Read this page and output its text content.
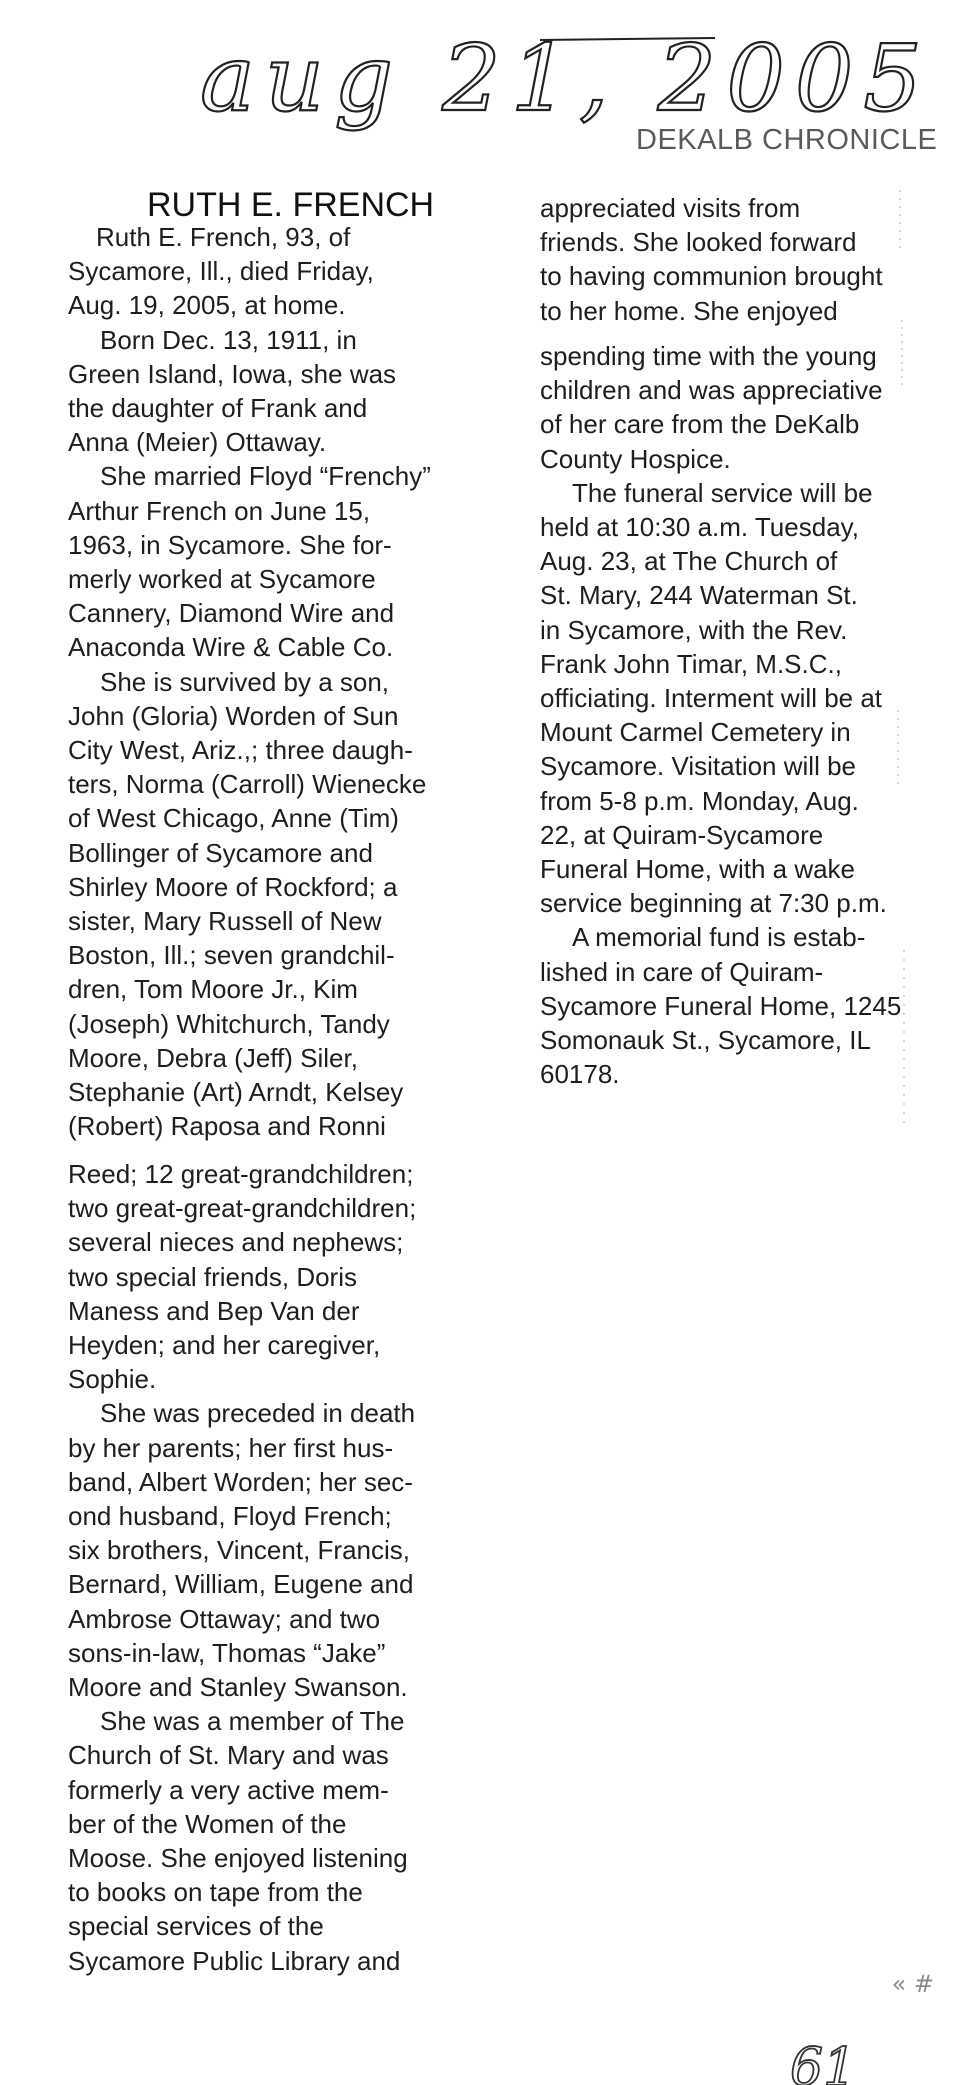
aug 21, 2005

DEKALB CHRONICLE

RUTH E. FRENCH
Ruth E. French, 93, of
Sycamore, Ill., died Friday,
Aug. 19, 2005, at home.
Born Dec. 13, 1911, in
Green Island, Iowa, she was
the daughter of Frank and
Anna (Meier) Ottaway.
She married Floyd “Frenchy”
Arthur French on June 15,
1963, in Sycamore. She for-
merly worked at Sycamore
Cannery, Diamond Wire and
Anaconda Wire & Cable Co.
She is survived by a son,
John (Gloria) Worden of Sun
City West, Ariz.,; three daugh-
ters, Norma (Carroll) Wienecke
of West Chicago, Anne (Tim)
Bollinger of Sycamore and
Shirley Moore of Rockford; a
sister, Mary Russell of New
Boston, Ill.; seven grandchil-
dren, Tom Moore Jr., Kim
(Joseph) Whitchurch, Tandy
Moore, Debra (Jeff) Siler,
Stephanie (Art) Arndt, Kelsey
(Robert) Raposa and Ronni
Reed; 12 great-grandchildren;
two great-great-grandchildren;
several nieces and nephews;
two special friends, Doris
Maness and Bep Van der
Heyden; and her caregiver,
Sophie.
She was preceded in death
by her parents; her first hus-
band, Albert Worden; her sec-
ond husband, Floyd French;
six brothers, Vincent, Francis,
Bernard, William, Eugene and
Ambrose Ottaway; and two
sons-in-law, Thomas “Jake”
Moore and Stanley Swanson.
She was a member of The
Church of St. Mary and was
formerly a very active mem-
ber of the Women of the
Moose. She enjoyed listening
to books on tape from the
special services of the
Sycamore Public Library and
appreciated visits from
friends. She looked forward
to having communion brought
to her home. She enjoyed
spending time with the young
children and was appreciative
of her care from the DeKalb
County Hospice.
The funeral service will be
held at 10:30 a.m. Tuesday,
Aug. 23, at The Church of
St. Mary, 244 Waterman St.
in Sycamore, with the Rev.
Frank John Timar, M.S.C.,
officiating. Interment will be at
Mount Carmel Cemetery in
Sycamore. Visitation will be
from 5-8 p.m. Monday, Aug.
22, at Quiram-Sycamore
Funeral Home, with a wake
service beginning at 7:30 p.m.
A memorial fund is estab-
lished in care of Quiram-
Sycamore Funeral Home, 1245
Somonauk St., Sycamore, IL
60178.

« #

61
